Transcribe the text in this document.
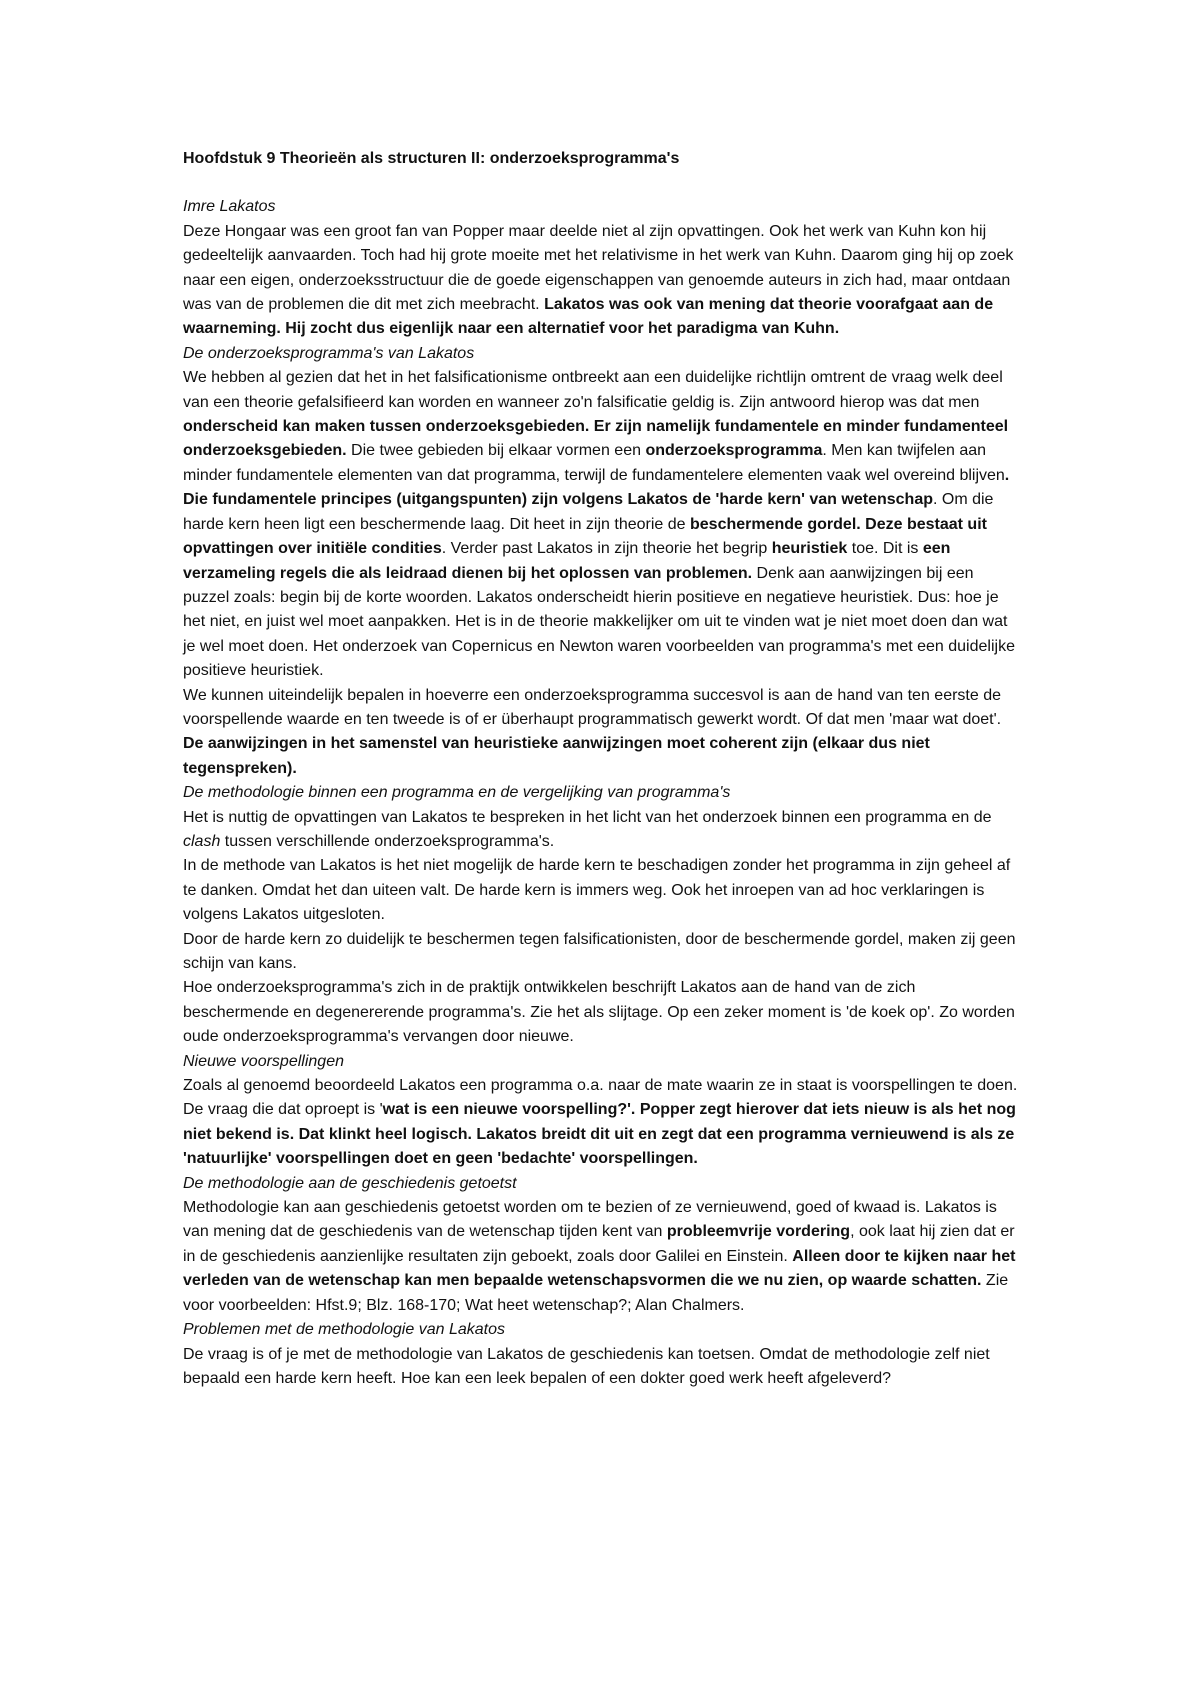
Hoofdstuk 9 Theorieën als structuren II: onderzoeksprogramma's
Imre Lakatos
Deze Hongaar was een groot fan van Popper maar deelde niet al zijn opvattingen. Ook het werk van Kuhn kon hij gedeeltelijk aanvaarden. Toch had hij grote moeite met het relativisme in het werk van Kuhn. Daarom ging hij op zoek naar een eigen, onderzoeksstructuur die de goede eigenschappen van genoemde auteurs in zich had, maar ontdaan was van de problemen die dit met zich meebracht. Lakatos was ook van mening dat theorie voorafgaat aan de waarneming. Hij zocht dus eigenlijk naar een alternatief voor het paradigma van Kuhn.
De onderzoeksprogramma's van Lakatos
We hebben al gezien dat het in het falsificationisme ontbreekt aan een duidelijke richtlijn omtrent de vraag welk deel van een theorie gefalsifieerd kan worden en wanneer zo'n falsificatie geldig is. Zijn antwoord hierop was dat men onderscheid kan maken tussen onderzoeksgebieden. Er zijn namelijk fundamentele en minder fundamenteel onderzoeksgebieden. Die twee gebieden bij elkaar vormen een onderzoeksprogramma. Men kan twijfelen aan minder fundamentele elementen van dat programma, terwijl de fundamentelere elementen vaak wel overeind blijven. Die fundamentele principes (uitgangspunten) zijn volgens Lakatos de 'harde kern' van wetenschap. Om die harde kern heen ligt een beschermende laag. Dit heet in zijn theorie de beschermende gordel. Deze bestaat uit opvattingen over initiële condities. Verder past Lakatos in zijn theorie het begrip heuristiek toe. Dit is een verzameling regels die als leidraad dienen bij het oplossen van problemen. Denk aan aanwijzingen bij een puzzel zoals: begin bij de korte woorden. Lakatos onderscheidt hierin positieve en negatieve heuristiek. Dus: hoe je het niet, en juist wel moet aanpakken. Het is in de theorie makkelijker om uit te vinden wat je niet moet doen dan wat je wel moet doen. Het onderzoek van Copernicus en Newton waren voorbeelden van programma's met een duidelijke positieve heuristiek.
We kunnen uiteindelijk bepalen in hoeverre een onderzoeksprogramma succesvol is aan de hand van ten eerste de voorspellende waarde en ten tweede is of er überhaupt programmatisch gewerkt wordt. Of dat men 'maar wat doet'. De aanwijzingen in het samenstel van heuristieke aanwijzingen moet coherent zijn (elkaar dus niet tegenspreken).
De methodologie binnen een programma en de vergelijking van programma's
Het is nuttig de opvattingen van Lakatos te bespreken in het licht van het onderzoek binnen een programma en de clash tussen verschillende onderzoeksprogramma's.
In de methode van Lakatos is het niet mogelijk de harde kern te beschadigen zonder het programma in zijn geheel af te danken. Omdat het dan uiteen valt. De harde kern is immers weg. Ook het inroepen van ad hoc verklaringen is volgens Lakatos uitgesloten.
Door de harde kern zo duidelijk te beschermen tegen falsificationisten, door de beschermende gordel, maken zij geen schijn van kans.
Hoe onderzoeksprogramma's zich in de praktijk ontwikkelen beschrijft Lakatos aan de hand van de zich beschermende en degenererende programma's. Zie het als slijtage. Op een zeker moment is 'de koek op'. Zo worden oude onderzoeksprogramma's vervangen door nieuwe.
Nieuwe voorspellingen
Zoals al genoemd beoordeeld Lakatos een programma o.a. naar de mate waarin ze in staat is voorspellingen te doen. De vraag die dat oproept is 'wat is een nieuwe voorspelling?'. Popper zegt hierover dat iets nieuw is als het nog niet bekend is. Dat klinkt heel logisch. Lakatos breidt dit uit en zegt dat een programma vernieuwend is als ze 'natuurlijke' voorspellingen doet en geen 'bedachte' voorspellingen.
De methodologie aan de geschiedenis getoetst
Methodologie kan aan geschiedenis getoetst worden om te bezien of ze vernieuwend, goed of kwaad is. Lakatos is van mening dat de geschiedenis van de wetenschap tijden kent van probleemvrije vordering, ook laat hij zien dat er in de geschiedenis aanzienlijke resultaten zijn geboekt, zoals door Galilei en Einstein. Alleen door te kijken naar het verleden van de wetenschap kan men bepaalde wetenschapsvormen die we nu zien, op waarde schatten. Zie voor voorbeelden: Hfst.9; Blz. 168-170; Wat heet wetenschap?; Alan Chalmers.
Problemen met de methodologie van Lakatos
De vraag is of je met de methodologie van Lakatos de geschiedenis kan toetsen. Omdat de methodologie zelf niet bepaald een harde kern heeft. Hoe kan een leek bepalen of een dokter goed werk heeft afgeleverd?
